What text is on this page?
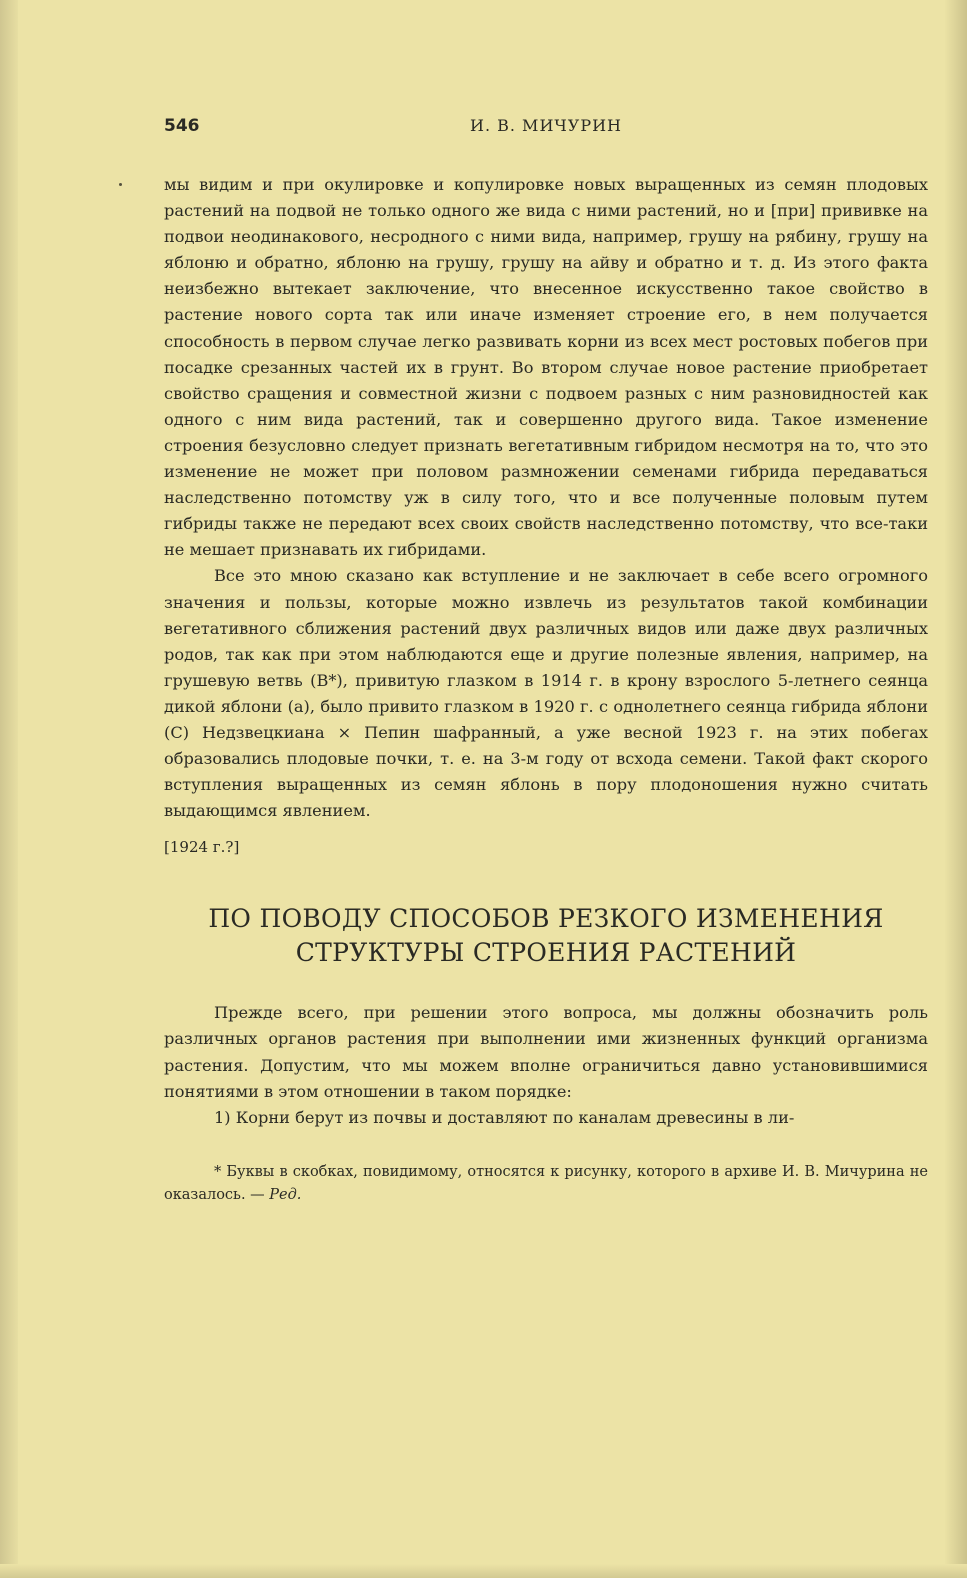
546	И. В. МИЧУРИН

мы видим и при окулировке и копулировке новых выращенных из семян плодовых растений на подвой не только одного же вида с ними растений, но и [при] прививке на подвои неодинакового, несродного с ними вида, например, грушу на рябину, грушу на яблоню и обратно, яблоню на грушу, грушу на айву и обратно и т. д. Из этого факта неизбежно вытекает заключение, что внесенное искусственно такое свойство в растение нового сорта так или иначе изменяет строение его, в нем получается способность в первом случае легко развивать корни из всех мест ростовых побегов при посадке срезанных частей их в грунт. Во втором случае новое растение приобретает свойство сращения и совместной жизни с подвоем разных с ним разновидностей как одного с ним вида растений, так и совершенно другого вида. Такое изменение строения безусловно следует признать вегетативным гибридом несмотря на то, что это изменение не может при половом размножении семенами гибрида передаваться наследственно потомству уж в силу того, что и все полученные половым путем гибриды также не передают всех своих свойств наследственно потомству, что все-таки не мешает признавать их гибридами.

Все это мною сказано как вступление и не заключает в себе всего огромного значения и пользы, которые можно извлечь из результатов такой комбинации вегетативного сближения растений двух различных видов или даже двух различных родов, так как при этом наблюдаются еще и другие полезные явления, например, на грушевую ветвь (B*), привитую глазком в 1914 г. в крону взрослого 5-летнего сеянца дикой яблони (a), было привито глазком в 1920 г. с однолетнего сеянца гибрида яблони (C) Недзвецкиана × Пепин шафранный, а уже весной 1923 г. на этих побегах образовались плодовые почки, т. е. на 3-м году от всхода семени. Такой факт скорого вступления выращенных из семян яблонь в пору плодоношения нужно считать выдающимся явлением.

[1924 г.?]
ПО ПОВОДУ СПОСОБОВ РЕЗКОГО ИЗМЕНЕНИЯ
СТРУКТУРЫ СТРОЕНИЯ РАСТЕНИЙ

Прежде всего, при решении этого вопроса, мы должны обозначить роль различных органов растения при выполнении ими жизненных функций организма растения. Допустим, что мы можем вполне ограничиться давно установившимися понятиями в этом отношении в таком порядке:

1) Корни берут из почвы и доставляют по каналам древесины в ли-

* Буквы в скобках, повидимому, относятся к рисунку, которого в архиве И. В. Мичурина не оказалось. — Ред.
